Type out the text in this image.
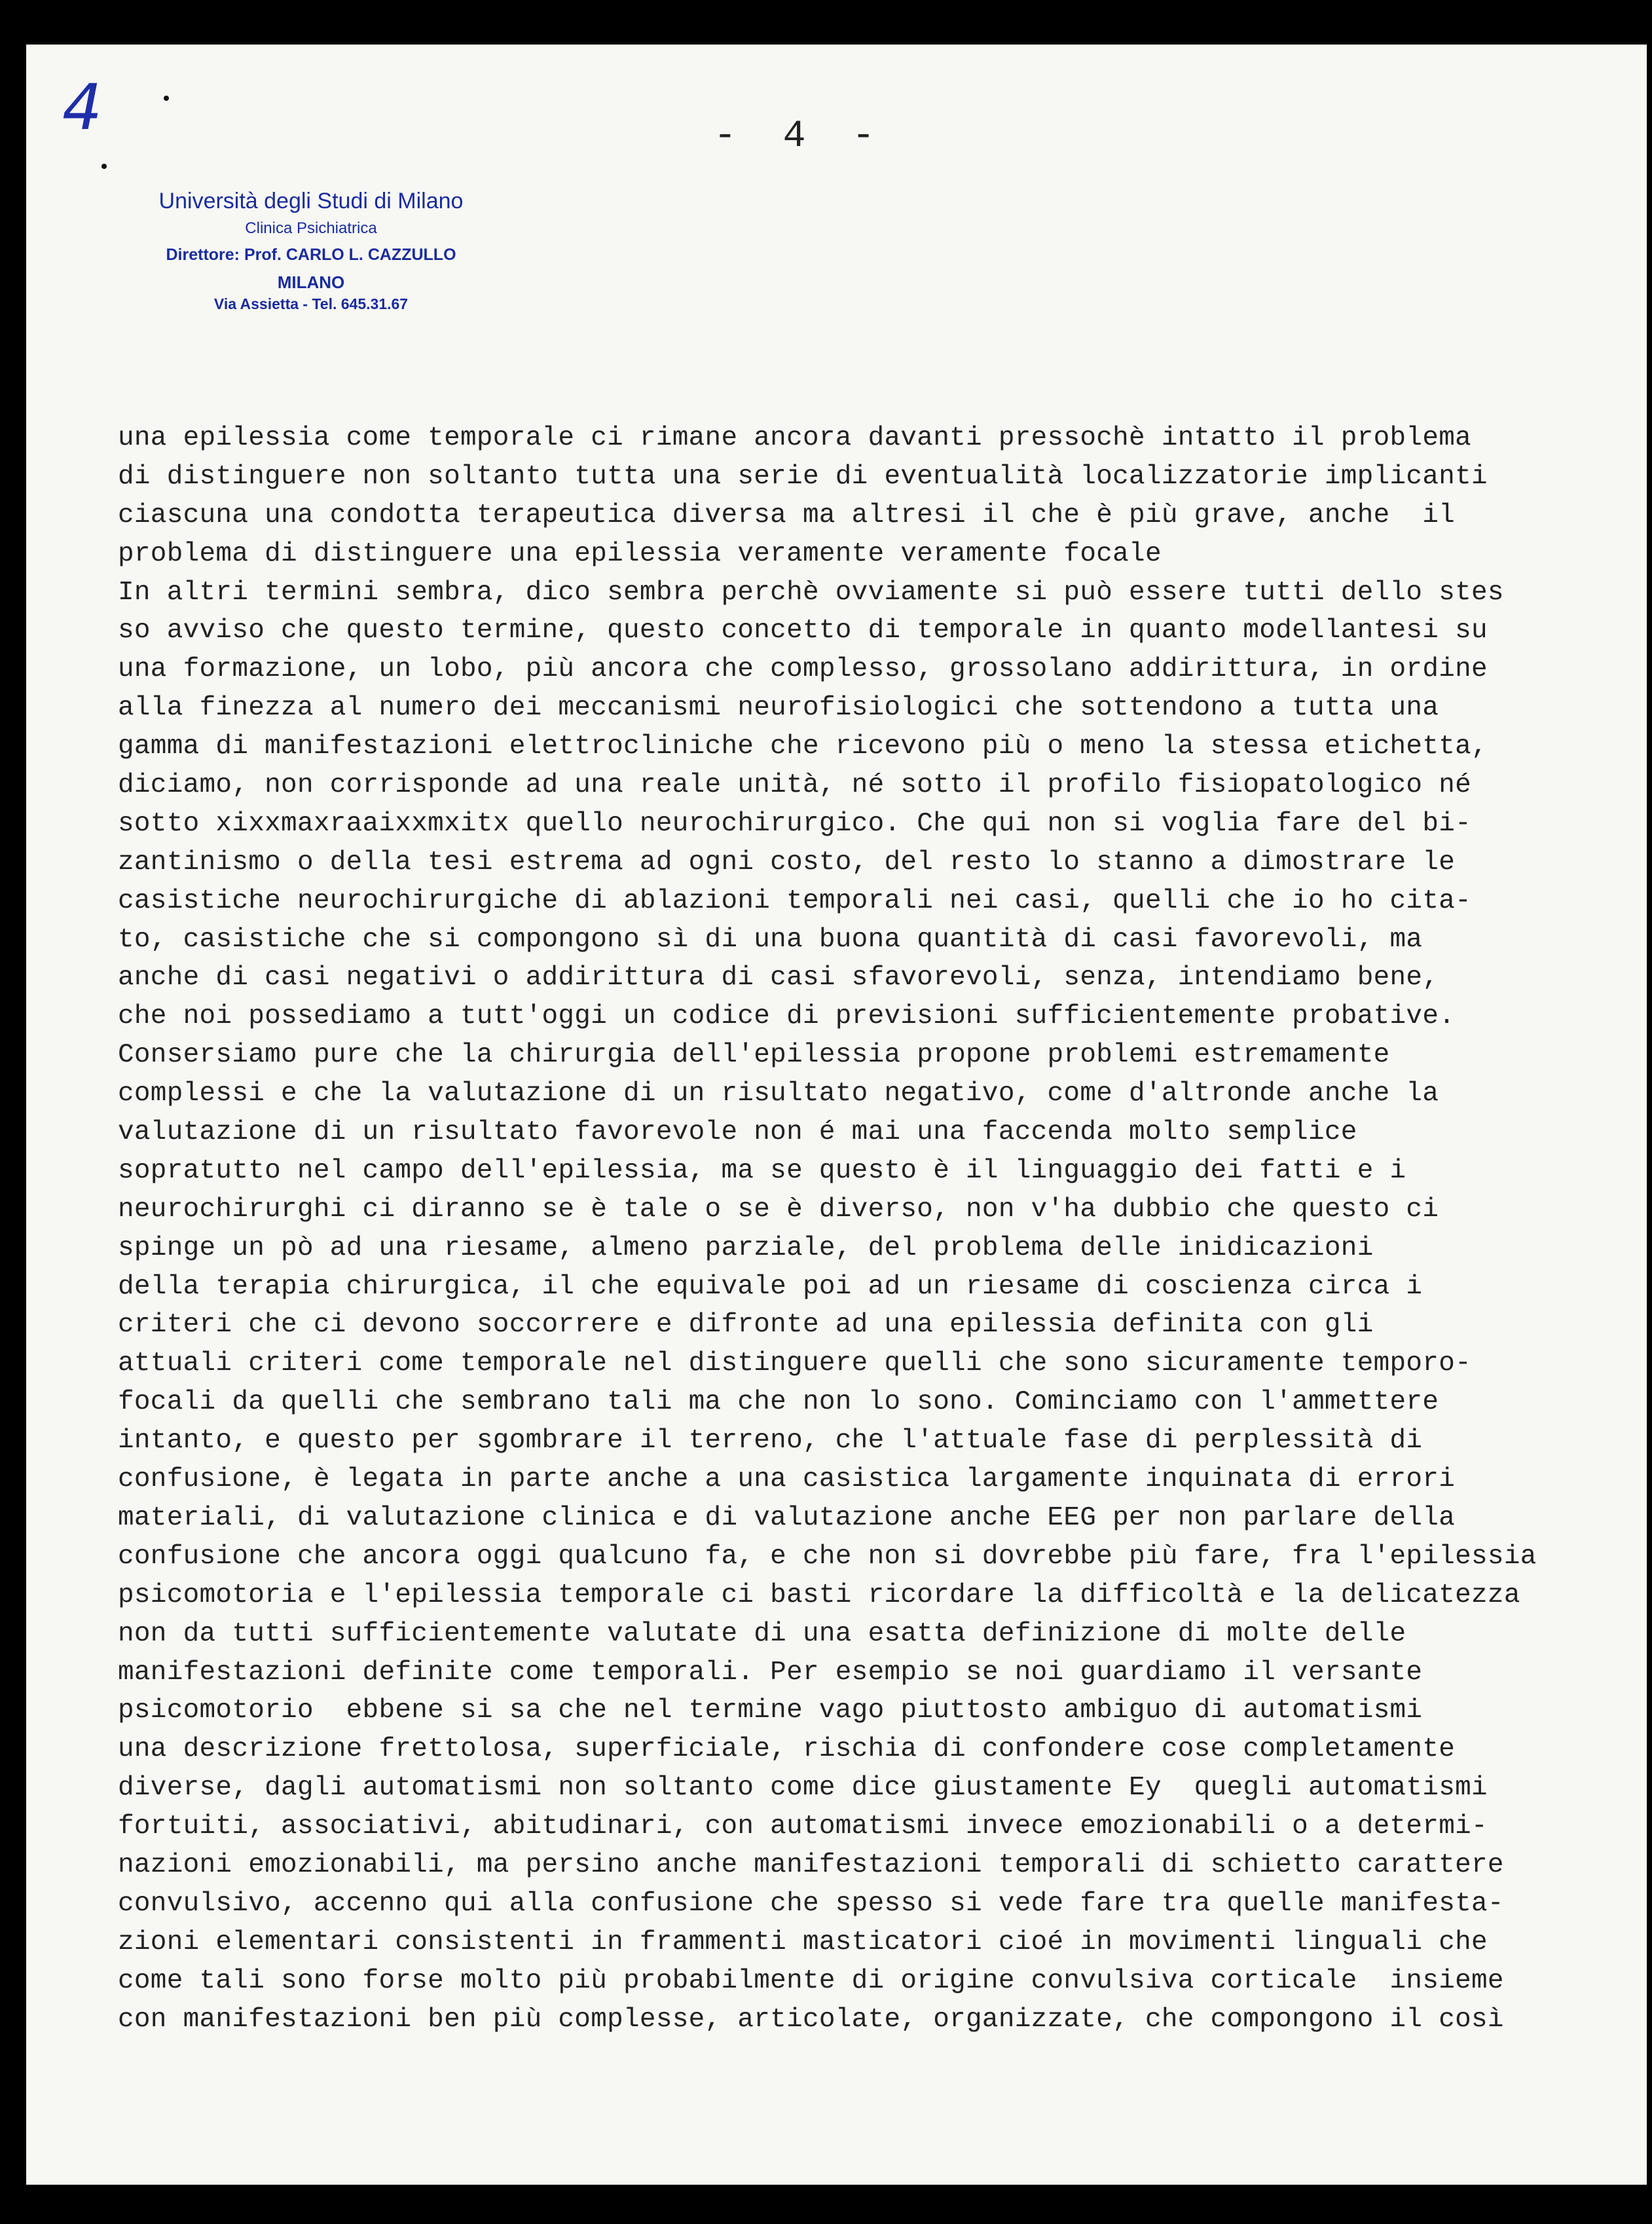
4	- 4 -
Università degli Studi di Milano
Clinica Psichiatrica
Direttore: Prof. CARLO L. CAZZULLO
MILANO
Via Assietta - Tel. 645.31.67
una epilessia come temporale ci rimane ancora davanti pressochè intatto il problema
di distinguere non soltanto tutta una serie di eventualità localizzatorie implicanti
ciascuna una condotta terapeutica diversa ma altresi il che è più grave, anche  il
problema di distinguere una epilessia veramente veramente focale
In altri termini sembra, dico sembra perchè ovviamente si può essere tutti dello stes
so avviso che questo termine, questo concetto di temporale in quanto modellantesi su
una formazione, un lobo, più ancora che complesso, grossolano addirittura, in ordine
alla finezza al numero dei meccanismi neurofisiologici che sottendono a tutta una
gamma di manifestazioni elettrocliniche che ricevono più o meno la stessa etichetta,
diciamo, non corrisponde ad una reale unità, né sotto il profilo fisiopatologico né
sotto xixxmaxraaixxmxitx quello neurochirurgico. Che qui non si voglia fare del bi-
zantinismo o della tesi estrema ad ogni costo, del resto lo stanno a dimostrare le
casistiche neurochirurgiche di ablazioni temporali nei casi, quelli che io ho cita-
to, casistiche che si compongono sì di una buona quantità di casi favorevoli, ma
anche di casi negativi o addirittura di casi sfavorevoli, senza, intendiamo bene,
che noi possediamo a tutt'oggi un codice di previsioni sufficientemente probative.
Consersiamo pure che la chirurgia dell'epilessia propone problemi estremamente
complessi e che la valutazione di un risultato negativo, come d'altronde anche la
valutazione di un risultato favorevole non é mai una faccenda molto semplice
sopratutto nel campo dell'epilessia, ma se questo è il linguaggio dei fatti e i
neurochirurghi ci diranno se è tale o se è diverso, non v'ha dubbio che questo ci
spinge un pò ad una riesame, almeno parziale, del problema delle inidicazioni
della terapia chirurgica, il che equivale poi ad un riesame di coscienza circa i
criteri che ci devono soccorrere e difronte ad una epilessia definita con gli
attuali criteri come temporale nel distinguere quelli che sono sicuramente temporo-
focali da quelli che sembrano tali ma che non lo sono. Cominciamo con l'ammettere
intanto, e questo per sgombrare il terreno, che l'attuale fase di perplessità di
confusione, è legata in parte anche a una casistica largamente inquinata di errori
materiali, di valutazione clinica e di valutazione anche EEG per non parlare della
confusione che ancora oggi qualcuno fa, e che non si dovrebbe più fare, fra l'epilessia
psicomotoria e l'epilessia temporale ci basti ricordare la difficoltà e la delicatezza
non da tutti sufficientemente valutate di una esatta definizione di molte delle
manifestazioni definite come temporali. Per esempio se noi guardiamo il versante
psicomotorio  ebbene si sa che nel termine vago piuttosto ambiguo di automatismi
una descrizione frettolosa, superficiale, rischia di confondere cose completamente
diverse, dagli automatismi non soltanto come dice giustamente Ey  quegli automatismi
fortuiti, associativi, abitudinari, con automatismi invece emozionabili o a determi-
nazioni emozionabili, ma persino anche manifestazioni temporali di schietto carattere
convulsivo, accenno qui alla confusione che spesso si vede fare tra quelle manifesta-
zioni elementari consistenti in frammenti masticatori cioé in movimenti linguali che
come tali sono forse molto più probabilmente di origine convulsiva corticale  insieme
con manifestazioni ben più complesse, articolate, organizzate, che compongono il così
